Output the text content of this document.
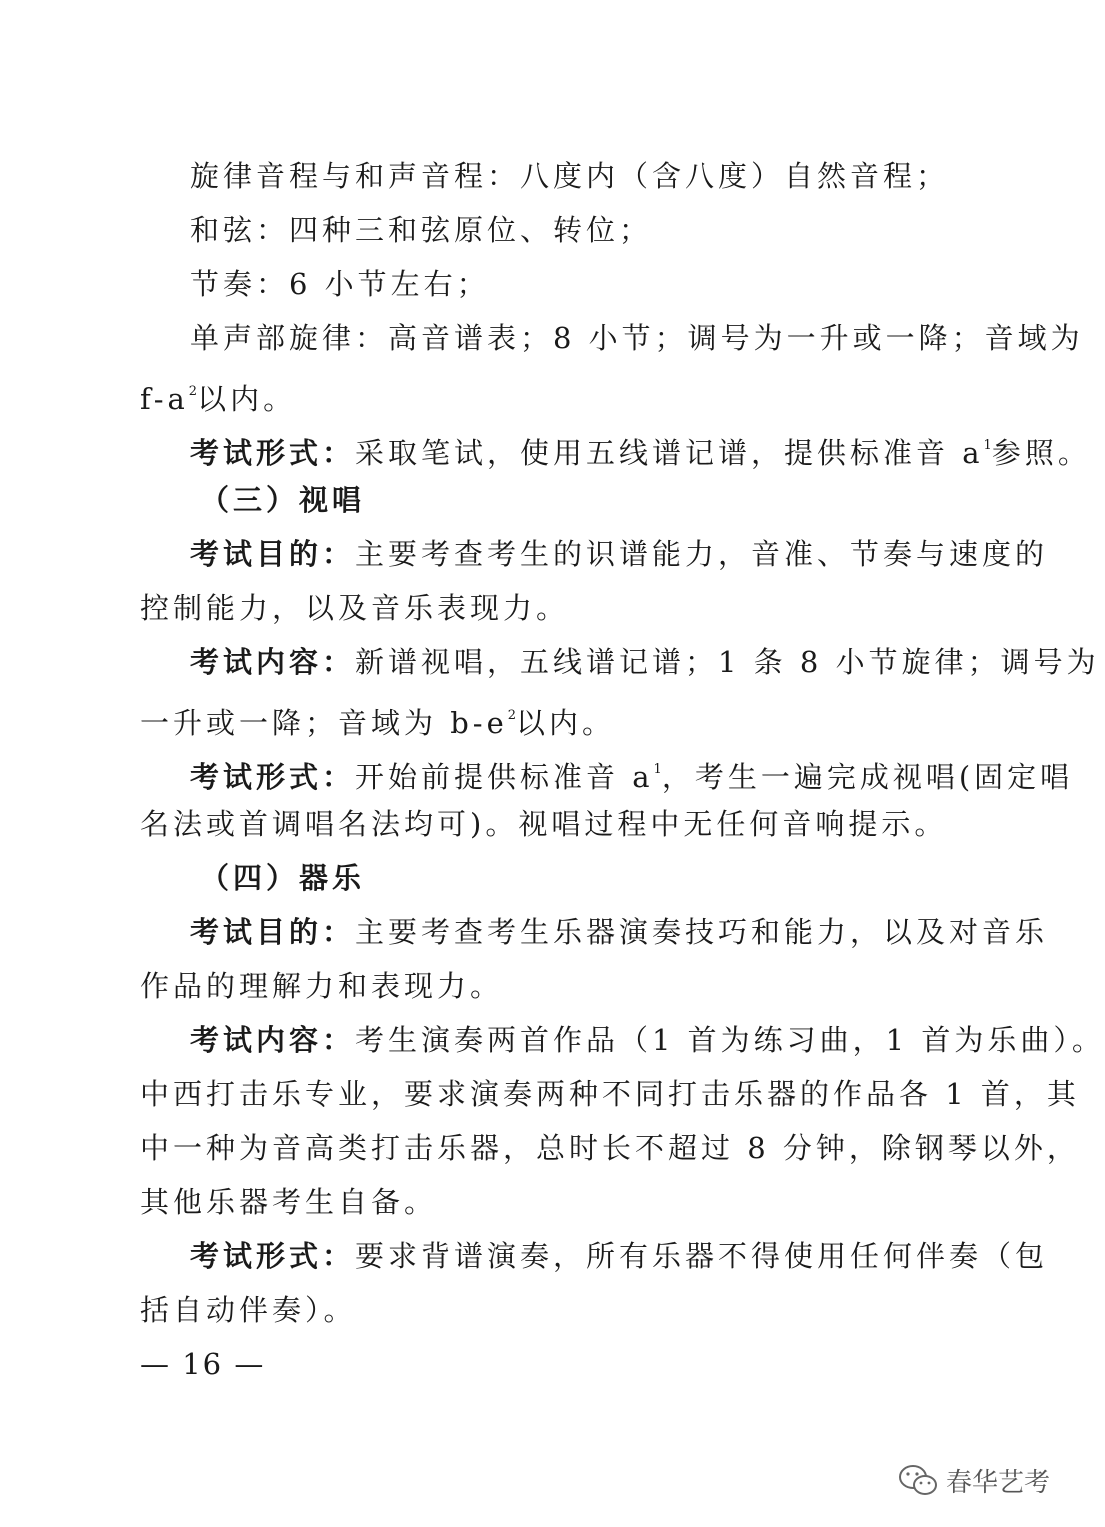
旋律音程与和声音程：八度内（含八度）自然音程；
和弦：四种三和弦原位、转位；
节奏：6 小节左右；
单声部旋律：高音谱表；8 小节；调号为一升或一降；音域为
$f-a^2$以内。
考试形式：采取笔试，使用五线谱记谱，提供标准音 $a^1$参照。
（三）视唱
考试目的：主要考查考生的识谱能力，音准、节奏与速度的
控制能力，以及音乐表现力。
考试内容：新谱视唱，五线谱记谱；1 条 8 小节旋律；调号为
一升或一降；音域为 $b-e^2$以内。
考试形式：开始前提供标准音 $a^1$，考生一遍完成视唱(固定唱
名法或首调唱名法均可)。视唱过程中无任何音响提示。
（四）器乐
考试目的：主要考查考生乐器演奏技巧和能力，以及对音乐
作品的理解力和表现力。
考试内容：考生演奏两首作品（1 首为练习曲，1 首为乐曲）。
中西打击乐专业，要求演奏两种不同打击乐器的作品各 1 首，其
中一种为音高类打击乐器，总时长不超过 8 分钟，除钢琴以外，
其他乐器考生自备。
考试形式：要求背谱演奏，所有乐器不得使用任何伴奏（包
括自动伴奏）。
— 16 —
春华艺考
